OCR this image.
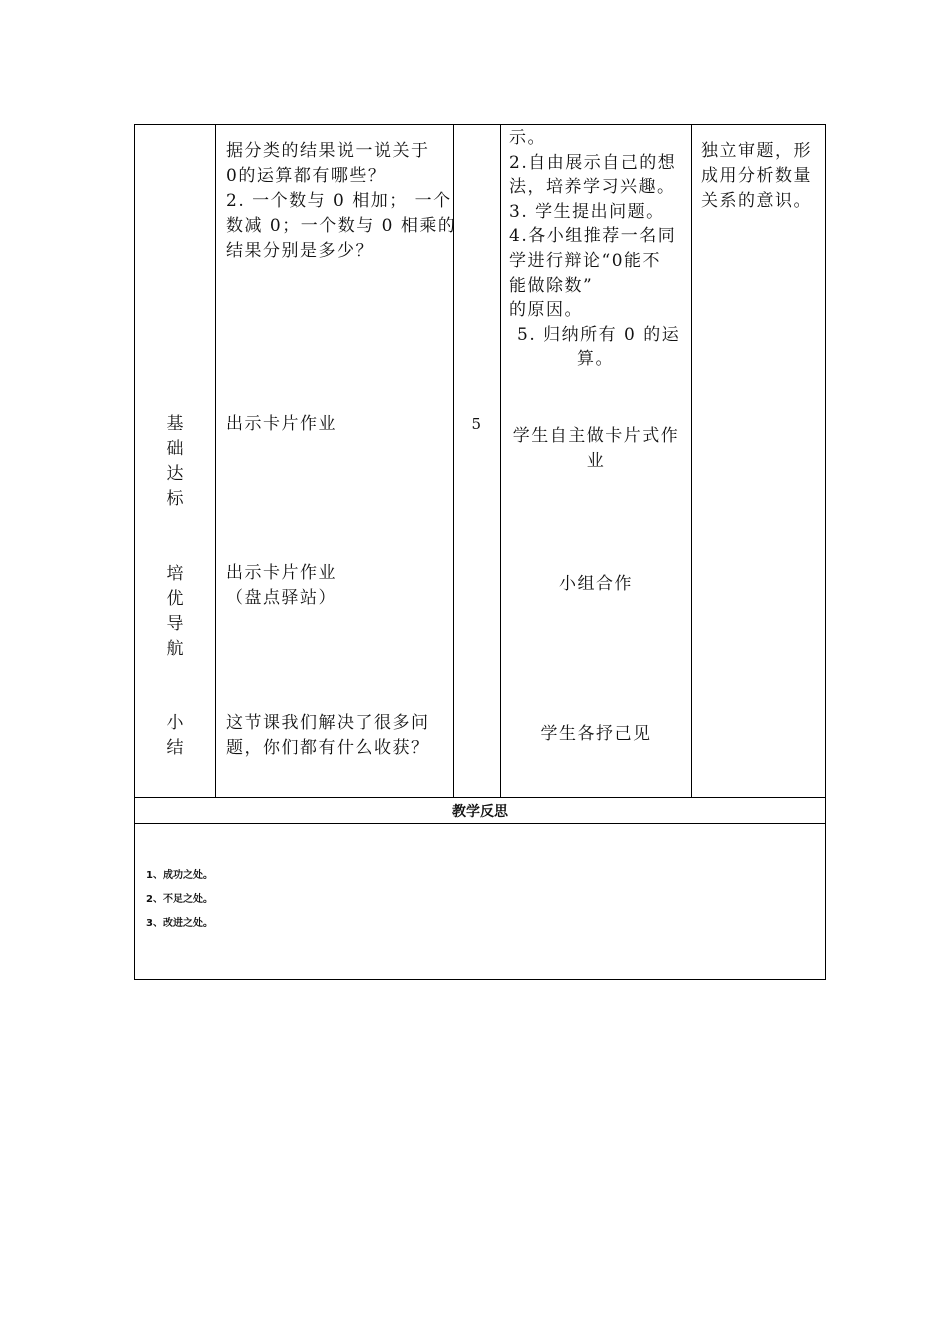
基
础
达
标
培
优
导
航
小
结
据分类的结果说一说关于
0的运算都有哪些？
2. 一个数与 0 相加； 一个
数减 0；一个数与 0 相乘的
结果分别是多少？
出示卡片作业
出示卡片作业
（盘点驿站）
这节课我们解决了很多问
题，你们都有什么收获？
5
示。
2.自由展示自己的想
法，培养学习兴趣。
3. 学生提出问题。
4.各小组推荐一名同
学进行辩论“0能不
能做除数”
的原因。
5. 归纳所有 0 的运
算。
学生自主做卡片式作
业
小组合作
学生各抒己见
独立审题，形
成用分析数量
关系的意识。
教学反思
1、成功之处。
2、不足之处。
3、改进之处。
